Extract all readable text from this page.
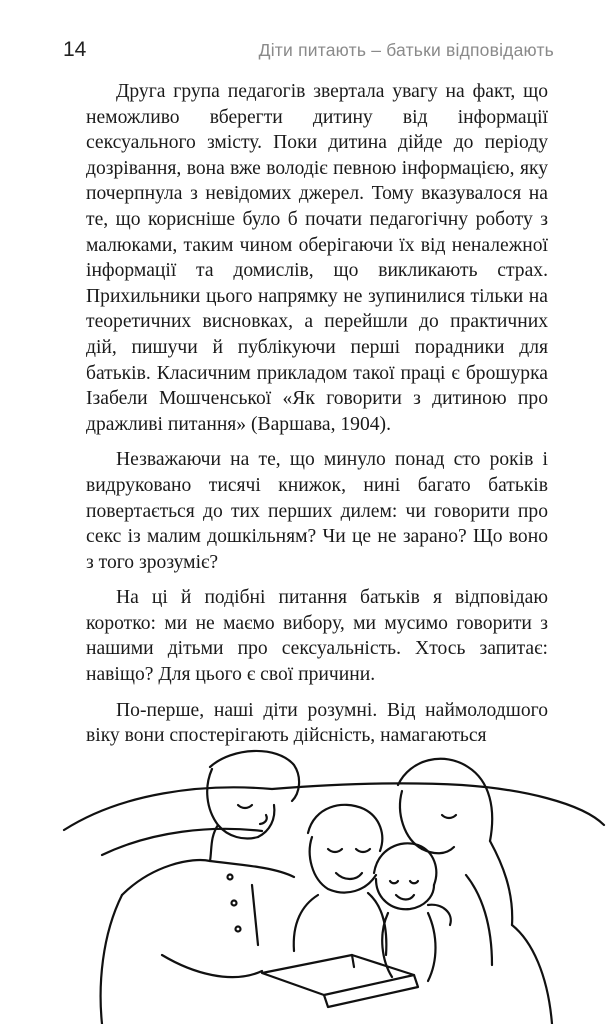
14	Діти питають – батьки відповідають

Друга група педагогів звертала увагу на факт, що неможливо вберегти дитину від інформації сексуального змісту. Поки дитина дійде до періоду дозрівання, вона вже володіє певною інформацією, яку почерпнула з невідомих джерел. Тому вказувалося на те, що корисніше було б почати педагогічну роботу з малюками, таким чином оберігаючи їх від неналежної інформації та домислів, що викликають страх. Прихильники цього напрямку не зупинилися тільки на теоретичних висновках, а перейшли до практичних дій, пишучи й публікуючи перші порадники для батьків. Класичним прикладом такої праці є брошурка Ізабели Мошченської «Як говорити з дитиною про дражливі питання» (Варшава, 1904).

Незважаючи на те, що минуло понад сто років і видруковано тисячі книжок, нині багато батьків повертається до тих перших дилем: чи говорити про секс із малим дошкільням? Чи це не зарано? Що воно з того зрозуміє?

На ці й подібні питання батьків я відповідаю коротко: ми не маємо вибору, ми мусимо говорити з нашими дітьми про сексуальність. Хтось запитає: навіщо? Для цього є свої причини.

По-перше, наші діти розумні. Від наймолодшого віку вони спостерігають дійсність, намагаються
